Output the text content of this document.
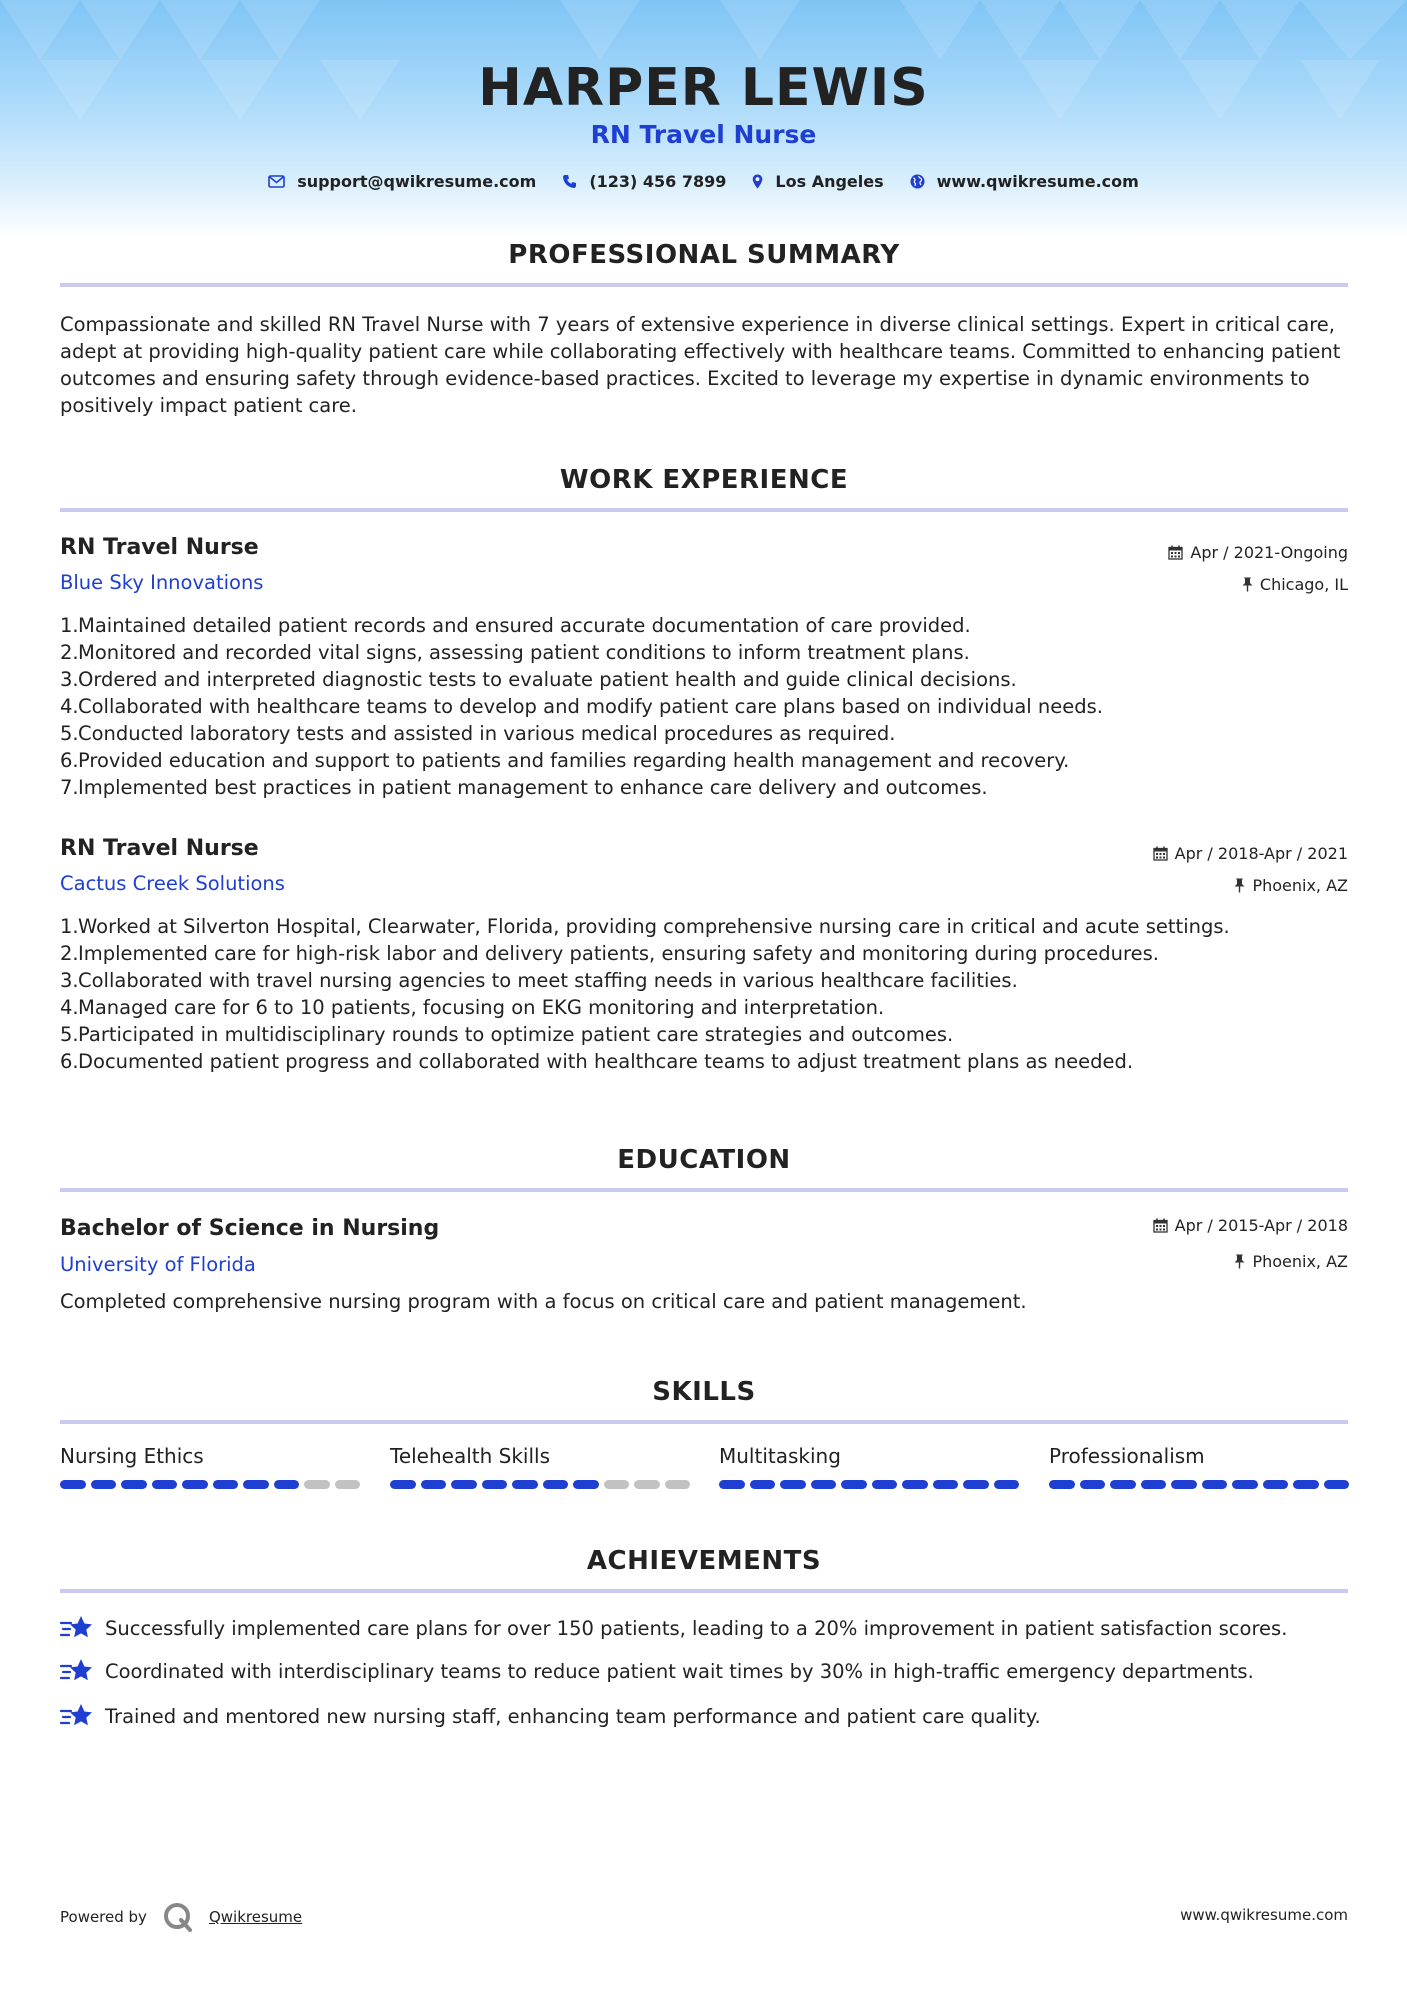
HARPER LEWIS
RN Travel Nurse
support@qwikresume.com	(123) 456 7899	Los Angeles	www.qwikresume.com
PROFESSIONAL SUMMARY
Compassionate and skilled RN Travel Nurse with 7 years of extensive experience in diverse clinical settings. Expert in critical care, adept at providing high-quality patient care while collaborating effectively with healthcare teams. Committed to enhancing patient outcomes and ensuring safety through evidence-based practices. Excited to leverage my expertise in dynamic environments to positively impact patient care.
WORK EXPERIENCE
RN Travel Nurse
Blue Sky Innovations
Apr / 2021-Ongoing
Chicago, IL
1. Maintained detailed patient records and ensured accurate documentation of care provided.
2. Monitored and recorded vital signs, assessing patient conditions to inform treatment plans.
3. Ordered and interpreted diagnostic tests to evaluate patient health and guide clinical decisions.
4. Collaborated with healthcare teams to develop and modify patient care plans based on individual needs.
5. Conducted laboratory tests and assisted in various medical procedures as required.
6. Provided education and support to patients and families regarding health management and recovery.
7. Implemented best practices in patient management to enhance care delivery and outcomes.
RN Travel Nurse
Cactus Creek Solutions
Apr / 2018-Apr / 2021
Phoenix, AZ
1. Worked at Silverton Hospital, Clearwater, Florida, providing comprehensive nursing care in critical and acute settings.
2. Implemented care for high-risk labor and delivery patients, ensuring safety and monitoring during procedures.
3. Collaborated with travel nursing agencies to meet staffing needs in various healthcare facilities.
4. Managed care for 6 to 10 patients, focusing on EKG monitoring and interpretation.
5. Participated in multidisciplinary rounds to optimize patient care strategies and outcomes.
6. Documented patient progress and collaborated with healthcare teams to adjust treatment plans as needed.
EDUCATION
Bachelor of Science in Nursing
University of Florida
Apr / 2015-Apr / 2018
Phoenix, AZ
Completed comprehensive nursing program with a focus on critical care and patient management.
SKILLS
Nursing Ethics	Telehealth Skills	Multitasking	Professionalism
ACHIEVEMENTS
Successfully implemented care plans for over 150 patients, leading to a 20% improvement in patient satisfaction scores.
Coordinated with interdisciplinary teams to reduce patient wait times by 30% in high-traffic emergency departments.
Trained and mentored new nursing staff, enhancing team performance and patient care quality.
Powered by	Qwikresume	www.qwikresume.com
